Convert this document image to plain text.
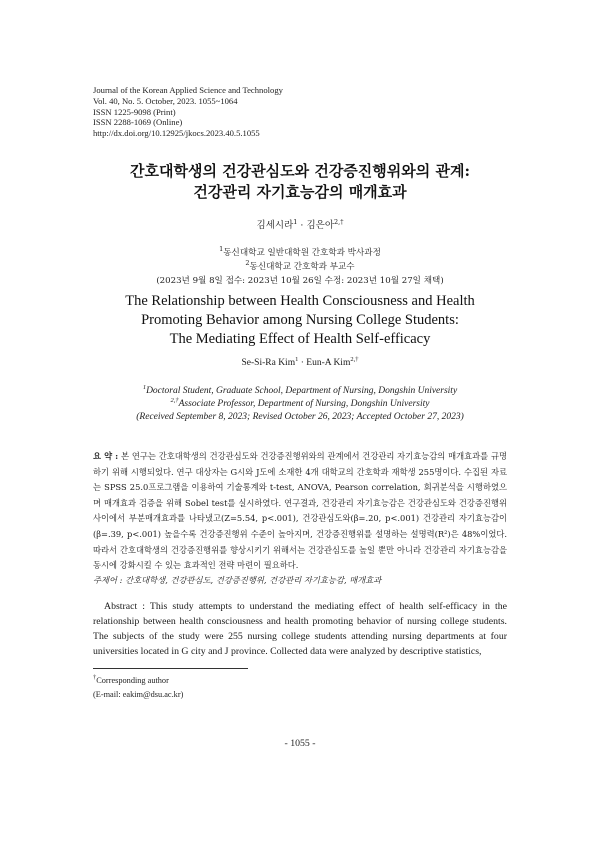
Journal of the Korean Applied Science and Technology
Vol. 40, No. 5. October, 2023. 1055~1064
ISSN 1225-9098 (Print)
ISSN 2288-1069 (Online)
http://dx.doi.org/10.12925/jkocs.2023.40.5.1055
간호대학생의 건강관심도와 건강증진행위와의 관계:
건강관리 자기효능감의 매개효과
김세시라$^1$ · 김은아$^{2,\dagger}$
$^1$동신대학교 일반대학원 간호학과 박사과정
$^2$동신대학교 간호학과 부교수
(2023년 9월 8일 접수: 2023년 10월 26일 수정: 2023년 10월 27일 채택)
The Relationship between Health Consciousness and Health
Promoting Behavior among Nursing College Students:
The Mediating Effect of Health Self-efficacy
Se-Si-Ra Kim$^1$ · Eun-A Kim$^{2,\dagger}$
$^1$Doctoral Student, Graduate School, Department of Nursing, Dongshin University
$^{2,\dagger}$Associate Professor, Department of Nursing, Dongshin University
(Received September 8, 2023; Revised October 26, 2023; Accepted October 27, 2023)
요 약 : 본 연구는 간호대학생의 건강관심도와 건강증진행위와의 관계에서 건강관리 자기효능감의 매개효과를 규명하기 위해 시행되었다. 연구 대상자는 G시와 J도에 소재한 4개 대학교의 간호학과 재학생 255명이다. 수집된 자료는 SPSS 25.0프로그램을 이용하여 기술통계와 t-test, ANOVA, Pearson correlation, 회귀분석을 시행하였으며 매개효과 검증을 위해 Sobel test를 실시하였다. 연구결과, 건강관리 자기효능감은 건강관심도와 건강증진행위 사이에서 부분매개효과를 나타냈고(Z=5.54, p<.001), 건강관심도와(β=.20, p<.001) 건강관리 자기효능감이(β=.39, p<.001) 높을수록 건강증진행위 수준이 높아지며, 건강증진행위를 설명하는 설명력(R²)은 48%이었다. 따라서 간호대학생의 건강증진행위를 향상시키기 위해서는 건강관심도를 높일 뿐만 아니라 건강관리 자기효능감을 동시에 강화시킬 수 있는 효과적인 전략 마련이 필요하다.
주제어 : 간호대학생, 건강관심도, 건강증진행위, 건강관리 자기효능감, 매개효과
Abstract : This study attempts to understand the mediating effect of health self-efficacy in the relationship between health consciousness and health promoting behavior of nursing college students. The subjects of the study were 255 nursing college students attending nursing departments at four universities located in G city and J province. Collected data were analyzed by descriptive statistics,
†Corresponding author
(E-mail: eakim@dsu.ac.kr)
- 1055 -
